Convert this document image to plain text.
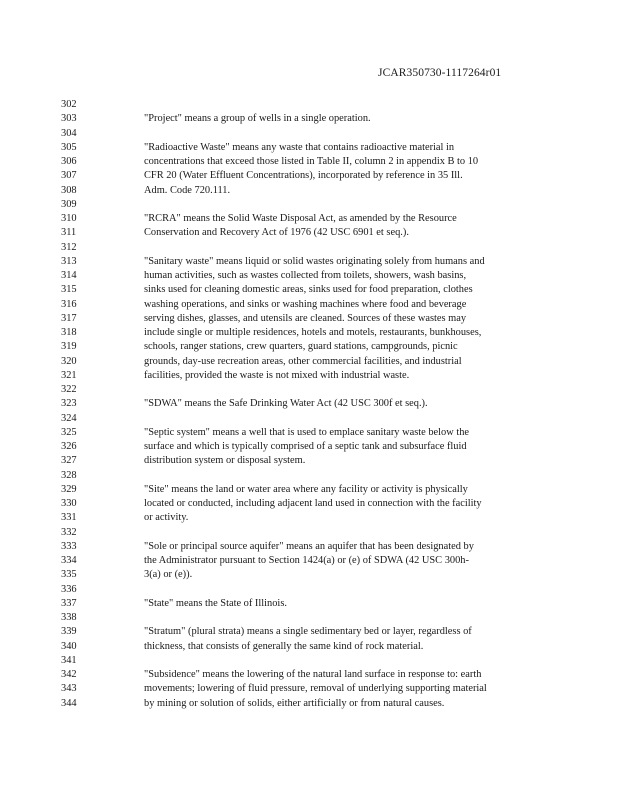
JCAR350730-1117264r01
302
303	"Project" means a group of wells in a single operation.
304
305	"Radioactive Waste" means any waste that contains radioactive material in
306	concentrations that exceed those listed in Table II, column 2 in appendix B to 10
307	CFR 20 (Water Effluent Concentrations), incorporated by reference in 35 Ill.
308	Adm. Code 720.111.
309
310	"RCRA" means the Solid Waste Disposal Act, as amended by the Resource
311	Conservation and Recovery Act of 1976 (42 USC 6901 et seq.).
312
313	"Sanitary waste" means liquid or solid wastes originating solely from humans and
314	human activities, such as wastes collected from toilets, showers, wash basins,
315	sinks used for cleaning domestic areas, sinks used for food preparation, clothes
316	washing operations, and sinks or washing machines where food and beverage
317	serving dishes, glasses, and utensils are cleaned. Sources of these wastes may
318	include single or multiple residences, hotels and motels, restaurants, bunkhouses,
319	schools, ranger stations, crew quarters, guard stations, campgrounds, picnic
320	grounds, day-use recreation areas, other commercial facilities, and industrial
321	facilities, provided the waste is not mixed with industrial waste.
322
323	"SDWA" means the Safe Drinking Water Act (42 USC 300f et seq.).
324
325	"Septic system" means a well that is used to emplace sanitary waste below the
326	surface and which is typically comprised of a septic tank and subsurface fluid
327	distribution system or disposal system.
328
329	"Site" means the land or water area where any facility or activity is physically
330	located or conducted, including adjacent land used in connection with the facility
331	or activity.
332
333	"Sole or principal source aquifer" means an aquifer that has been designated by
334	the Administrator pursuant to Section 1424(a) or (e) of SDWA (42 USC 300h-
335	3(a) or (e)).
336
337	"State" means the State of Illinois.
338
339	"Stratum" (plural strata) means a single sedimentary bed or layer, regardless of
340	thickness, that consists of generally the same kind of rock material.
341
342	"Subsidence" means the lowering of the natural land surface in response to: earth
343	movements; lowering of fluid pressure, removal of underlying supporting material
344	by mining or solution of solids, either artificially or from natural causes.
